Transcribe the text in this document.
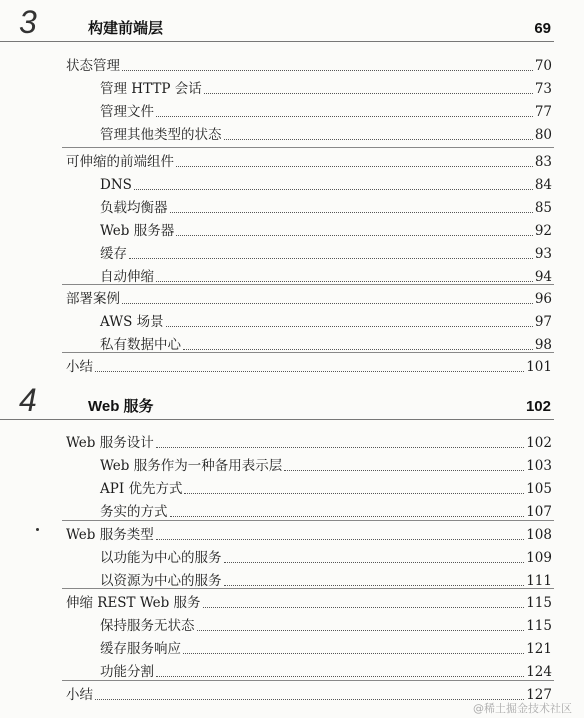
3	构建前端层	69
状态管理	70
管理 HTTP 会话	73
管理文件	77
管理其他类型的状态	80
可伸缩的前端组件	83
DNS	84
负载均衡器	85
Web 服务器	92
缓存	93
自动伸缩	94
部署案例	96
AWS 场景	97
私有数据中心	98
小结	101
4	Web 服务	102
Web 服务设计	102
Web 服务作为一种备用表示层	103
API 优先方式	105
务实的方式	107
Web 服务类型	108
以功能为中心的服务	109
以资源为中心的服务	111
伸缩 REST Web 服务	115
保持服务无状态	115
缓存服务响应	121
功能分割	124
小结	127
@稀土掘金技术社区
